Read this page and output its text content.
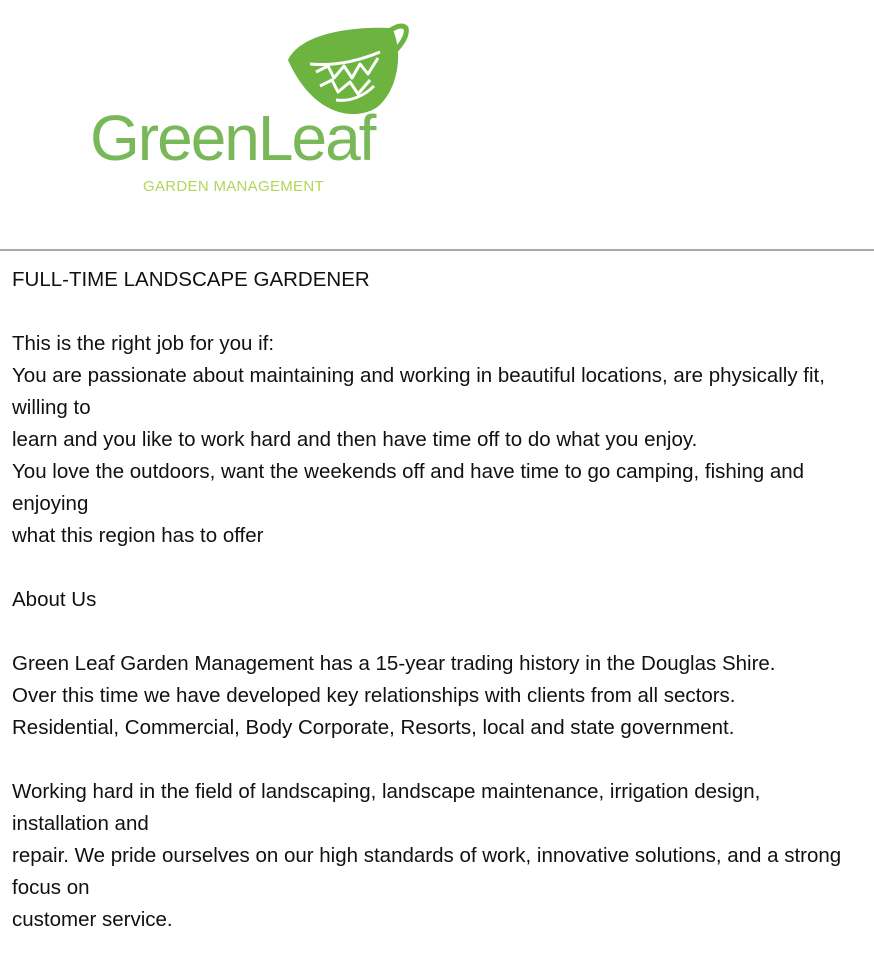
GreenLeaf
GARDEN MANAGEMENT

FULL-TIME LANDSCAPE GARDENER

This is the right job for you if:

You are passionate about maintaining and working in beautiful locations, are physically fit, willing to

learn and you like to work hard and then have time off to do what you enjoy.

You love the outdoors, want the weekends off and have time to go camping, fishing and enjoying

what this region has to offer

About Us

Green Leaf Garden Management has a 15-year trading history in the Douglas Shire.

Over this time we have developed key relationships with clients from all sectors.

Residential, Commercial, Body Corporate, Resorts, local and state government.

Working hard in the field of landscaping, landscape maintenance, irrigation design, installation and

repair. We pride ourselves on our high standards of work, innovative solutions, and a strong focus on

customer service.
